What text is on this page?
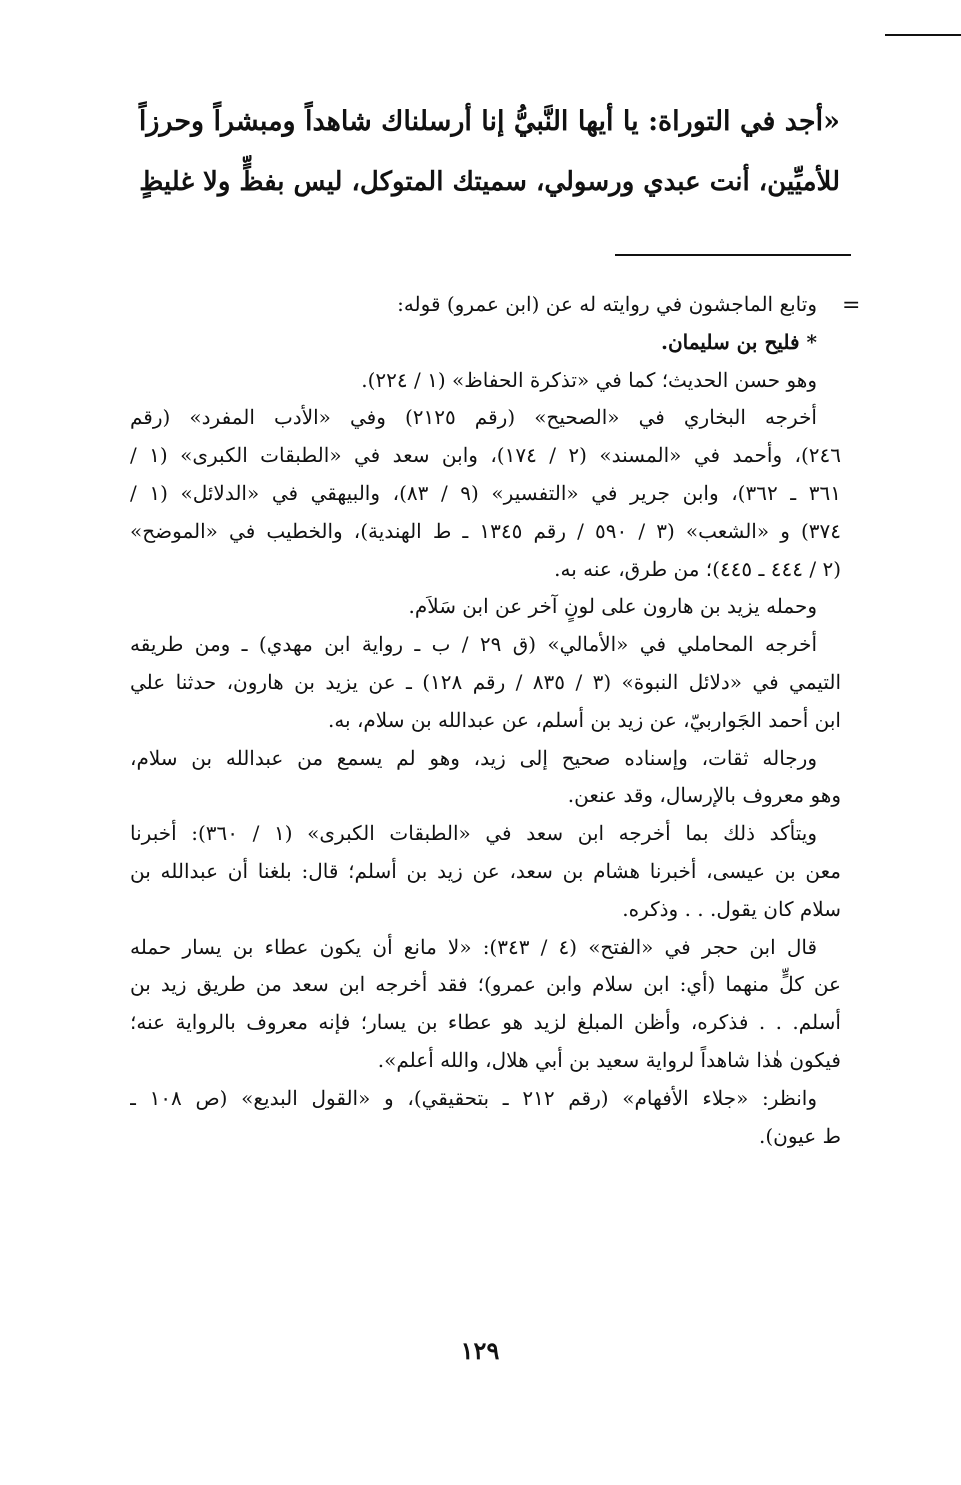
«أجد في التوراة: يا أيها النَّبيُّ إنا أرسلناك شاهداً ومبشراً وحرزاً
للأميِّين، أنت عبدي ورسولي، سميتك المتوكل، ليس بفظٍّ ولا غليظٍ
=
وتابع الماجشون في روايته له عن (ابن عمرو) قوله:
* فليح بن سليمان.
وهو حسن الحديث؛ كما في «تذكرة الحفاظ» (١ / ٢٢٤).
أخرجه البخاري في «الصحيح» (رقم ٢١٢٥) وفي «الأدب المفرد» (رقم
٢٤٦)، وأحمد في «المسند» (٢ / ١٧٤)، وابن سعد في «الطبقات الكبرى» (١ /
٣٦١ ـ ٣٦٢)، وابن جرير في «التفسير» (٩ / ٨٣)، والبيهقي في «الدلائل» (١ /
٣٧٤) و «الشعب» (٣ / ٥٩٠ / رقم ١٣٤٥ ـ ط الهندية)، والخطيب في «الموضح»
(٢ / ٤٤٤ ـ ٤٤٥)؛ من طرق، عنه به.
وحمله يزيد بن هارون على لونٍ آخر عن ابن سَلاَم.
أخرجه المحاملي في «الأمالي» (ق ٢٩ / ب ـ رواية ابن مهدي) ـ ومن طريقه
التيمي في «دلائل النبوة» (٣ / ٨٣٥ / رقم ١٢٨) ـ عن يزيد بن هارون، حدثنا علي
ابن أحمد الجَواربيّ، عن زيد بن أسلم، عن عبدالله بن سلام، به.
ورجاله ثقات، وإسناده صحيح إلى زيد، وهو لم يسمع من عبدالله بن سلام،
وهو معروف بالإرسال، وقد عنعن.
ويتأكد ذلك بما أخرجه ابن سعد في «الطبقات الكبرى» (١ / ٣٦٠): أخبرنا
معن بن عيسى، أخبرنا هشام بن سعد، عن زيد بن أسلم؛ قال: بلغنا أن عبدالله بن
سلام كان يقول. . . وذكره.
قال ابن حجر في «الفتح» (٤ / ٣٤٣): «لا مانع أن يكون عطاء بن يسار حمله
عن كلٍّ منهما (أي: ابن سلام وابن عمرو)؛ فقد أخرجه ابن سعد من طريق زيد بن
أسلم. . . فذكره، وأظن المبلغ لزيد هو عطاء بن يسار؛ فإنه معروف بالرواية عنه؛
فيكون هٰذا شاهداً لرواية سعيد بن أبي هلال، والله أعلم».
وانظر: «جلاء الأفهام» (رقم ٢١٢ ـ بتحقيقي)، و «القول البديع» (ص ١٠٨ ـ
ط عيون).
١٢٩
